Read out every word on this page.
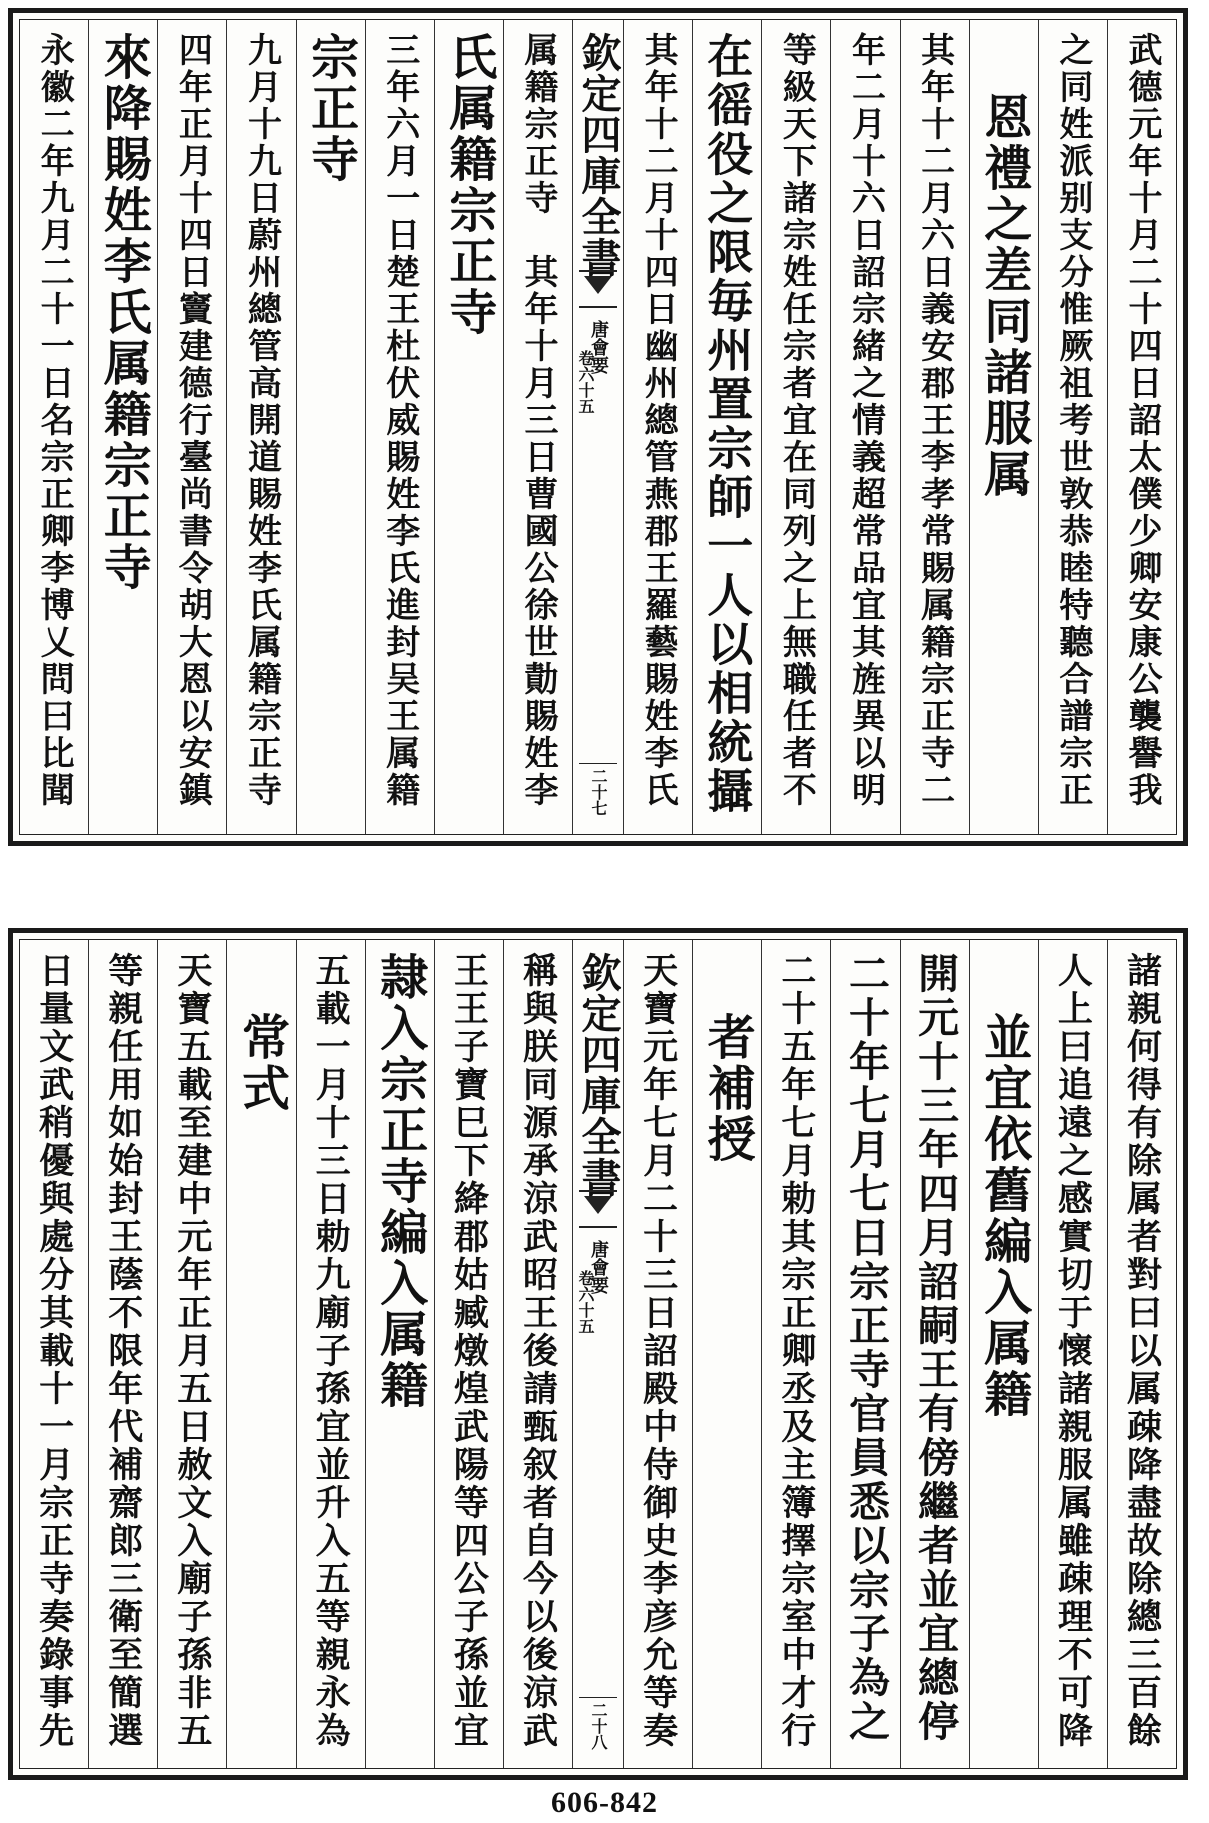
武德元年十月二十四日詔太僕少卿安康公襲譽我
之同姓派别支分惟厥祖考世敦恭睦特聽合譜宗正
恩禮之差同諸服属
其年十二月六日義安郡王李孝常賜属籍宗正寺二
年二月十六日詔宗緒之情義超常品宜其旌異以明
等級天下諸宗姓任宗者宜在同列之上無職任者不
在徭役之限毎州置宗師一人以相統攝
其年十二月十四日幽州總管燕郡王羅藝賜姓李氏
欽定四庫全書
唐會要
卷六十五
二十七
属籍宗正寺　其年十月三日曹國公徐世勣賜姓李
氏属籍宗正寺
三年六月一日楚王杜伏威賜姓李氏進封吴王属籍
宗正寺
九月十九日蔚州總管高開道賜姓李氏属籍宗正寺
四年正月十四日竇建德行臺尚書令胡大恩以安鎮
來降賜姓李氏属籍宗正寺
永徽二年九月二十一日名宗正卿李博乂問曰比聞
諸親何得有除属者對曰以属疎降盡故除總三百餘
人上曰追遠之感實切于懷諸親服属雖疎理不可降
並宜依舊編入属籍
開元十三年四月詔嗣王有傍繼者並宜總停
二十年七月七日宗正寺官員悉以宗子為之
二十五年七月勅其宗正卿丞及主簿擇宗室中才行
者補授
天寶元年七月二十三日詔殿中侍御史李彦允等奏
欽定四庫全書
唐會要
卷六十五
二十八
稱與朕同源承涼武昭王後請甄叙者自今以後涼武
王王子寶巳下絳郡姑臧燉煌武陽等四公子孫並宜
隷入宗正寺編入属籍
五載一月十三日勅九廟子孫宜並升入五等親永為
常式
天寶五載至建中元年正月五日赦文入廟子孫非五
等親任用如始封王蔭不限年代補齋郎三衛至簡選
日量文武稍優與處分其載十一月宗正寺奏錄事先
606-842
